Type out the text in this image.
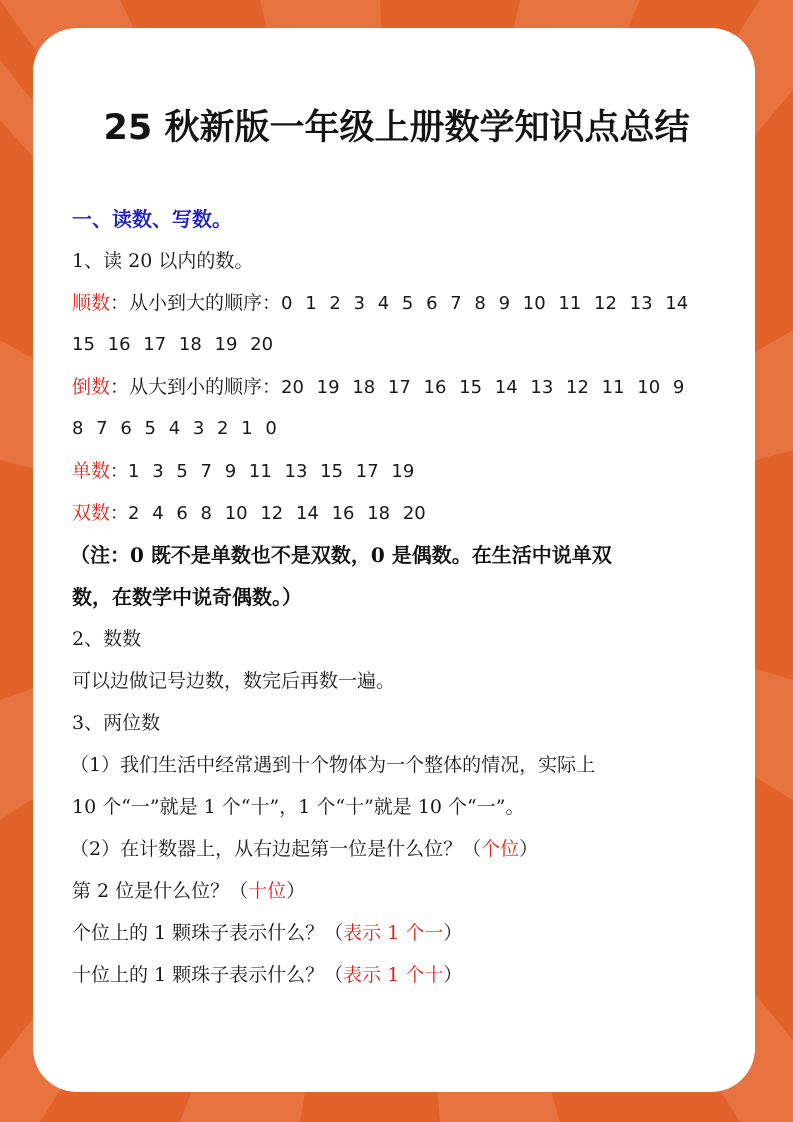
25 秋新版一年级上册数学知识点总结
一、读数、写数。
1、读 20 以内的数。
顺数：从小到大的顺序：0 1 2 3 4 5 6 7 8 9 10 11 12 13 14
15 16 17 18 19 20
倒数：从大到小的顺序：20 19 18 17 16 15 14 13 12 11 10 9
8 7 6 5 4 3 2 1 0
单数：1 3 5 7 9 11 13 15 17 19
双数：2 4 6 8 10 12 14 16 18 20
（注：0 既不是单数也不是双数，0 是偶数。在生活中说单双
数，在数学中说奇偶数。）
2、数数
可以边做记号边数，数完后再数一遍。
3、两位数
（1）我们生活中经常遇到十个物体为一个整体的情况，实际上
10 个“一”就是 1 个“十”，1 个“十”就是 10 个“一”。
（2）在计数器上，从右边起第一位是什么位？（个位）
第 2 位是什么位？（十位）
个位上的 1 颗珠子表示什么？（表示 1 个一）
十位上的 1 颗珠子表示什么？（表示 1 个十）
